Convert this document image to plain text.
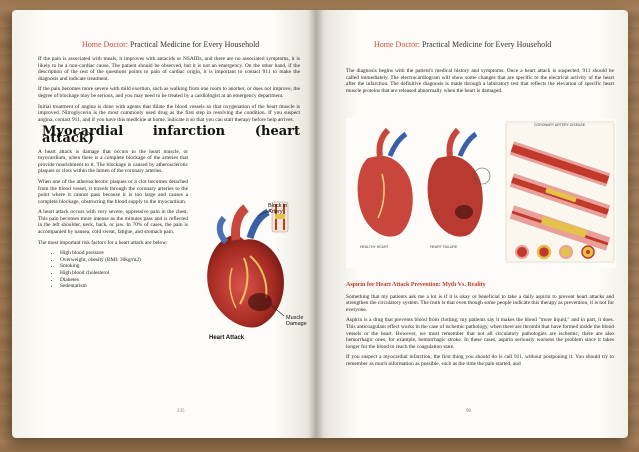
Home Doctor: Practical Medicine for Every Household

If the pain is associated with meals, it improves with antacids or NSAIDs, and there are no associated symptoms, it is likely to be a non-cardiac cause. The patient should be observed, but it is not an emergency. On the other hand, if the description of the rest of the questions points to pain of cardiac origin, it is important to contact 911 to make the diagnosis and indicate treatment.

If the pain becomes more severe with mild exertion, such as walking from one room to another, or does not improve, the degree of blockage may be serious, and you may need to be treated by a cardiologist at an emergency department.

Initial treatment of angina is done with agents that dilate the blood vessels so that oxygenation of the heart muscle is improved. Nitroglycerin is the most commonly used drug as the first step in resolving the condition. If you suspect angina, contact 911, and if you have this medicine at home, indicate it so that you can start therapy before help arrives.

Myocardial infarction (heart attack)

A heart attack is damage that occurs to the heart muscle, or myocardium, when there is a complete blockage of the arteries that provide nourishment to it. The blockage is caused by atherosclerotic plaques or clots within the lumen of the coronary arteries.

When one of the atherosclerotic plaques or a clot becomes detached from the blood vessel, it travels through the coronary arteries to the point where it cannot pass because it is too large and causes a complete blockage, obstructing the blood supply to the myocardium.

A heart attack occurs with very severe, oppressive pain in the chest. This pain becomes more intense as the minutes pass and is reflected in the left shoulder, neck, back, or jaw. In 70% of cases, the pain is accompanied by nausea, cold sweat, fatigue, and stomach pain.

The most important risk factors for a heart attack are below:

• High blood pressure
• Overweight, obesity (BMI: 30kg/m2)
• Smoking
• High blood cholesterol
• Diabetes
• Sedentarism
Block in Artery
Muscle Damage
Heart Attack
235
Home Doctor: Practical Medicine for Every Household
The diagnosis begins with the patient's medical history and symptoms. Once a heart attack is suspected, 911 should be called immediately. The electrocardiogram will show some changes that are specific to the electrical activity of the heart after the infarction. The definitive diagnosis is made through a laboratory test that reflects the elevation of specific heart muscle proteins that are released abnormally when the heart is damaged.
CORONARY ARTERY DISEASE
HEALTHY HEART	HEART FAILURE
Aspirin for Heart Attack Prevention: Myth Vs. Reality

Something that my patients ask me a lot is if it is okay or beneficial to take a daily aspirin to prevent heart attacks and strengthen the circulatory system. The truth is that even though some people indicate this therapy as prevention, it is not for everyone.

Aspirin is a drug that prevents blood from clotting; my patients say it makes the blood "more liquid," and in part, it does. This anticoagulant effect works in the case of ischemic pathology, when there are thrombi that have formed inside the blood vessels or the heart. However, we must remember that not all circulatory pathologies are ischemic; there are also hemorrhagic ones, for example, hemorrhagic stroke. In these cases, aspirin seriously worsens the problem since it takes longer for the blood to reach the coagulation state.

If you suspect a myocardial infarction, the first thing you should do is call 911, without postponing it. You should try to remember as much information as possible, such as the time the pain started, and

90
